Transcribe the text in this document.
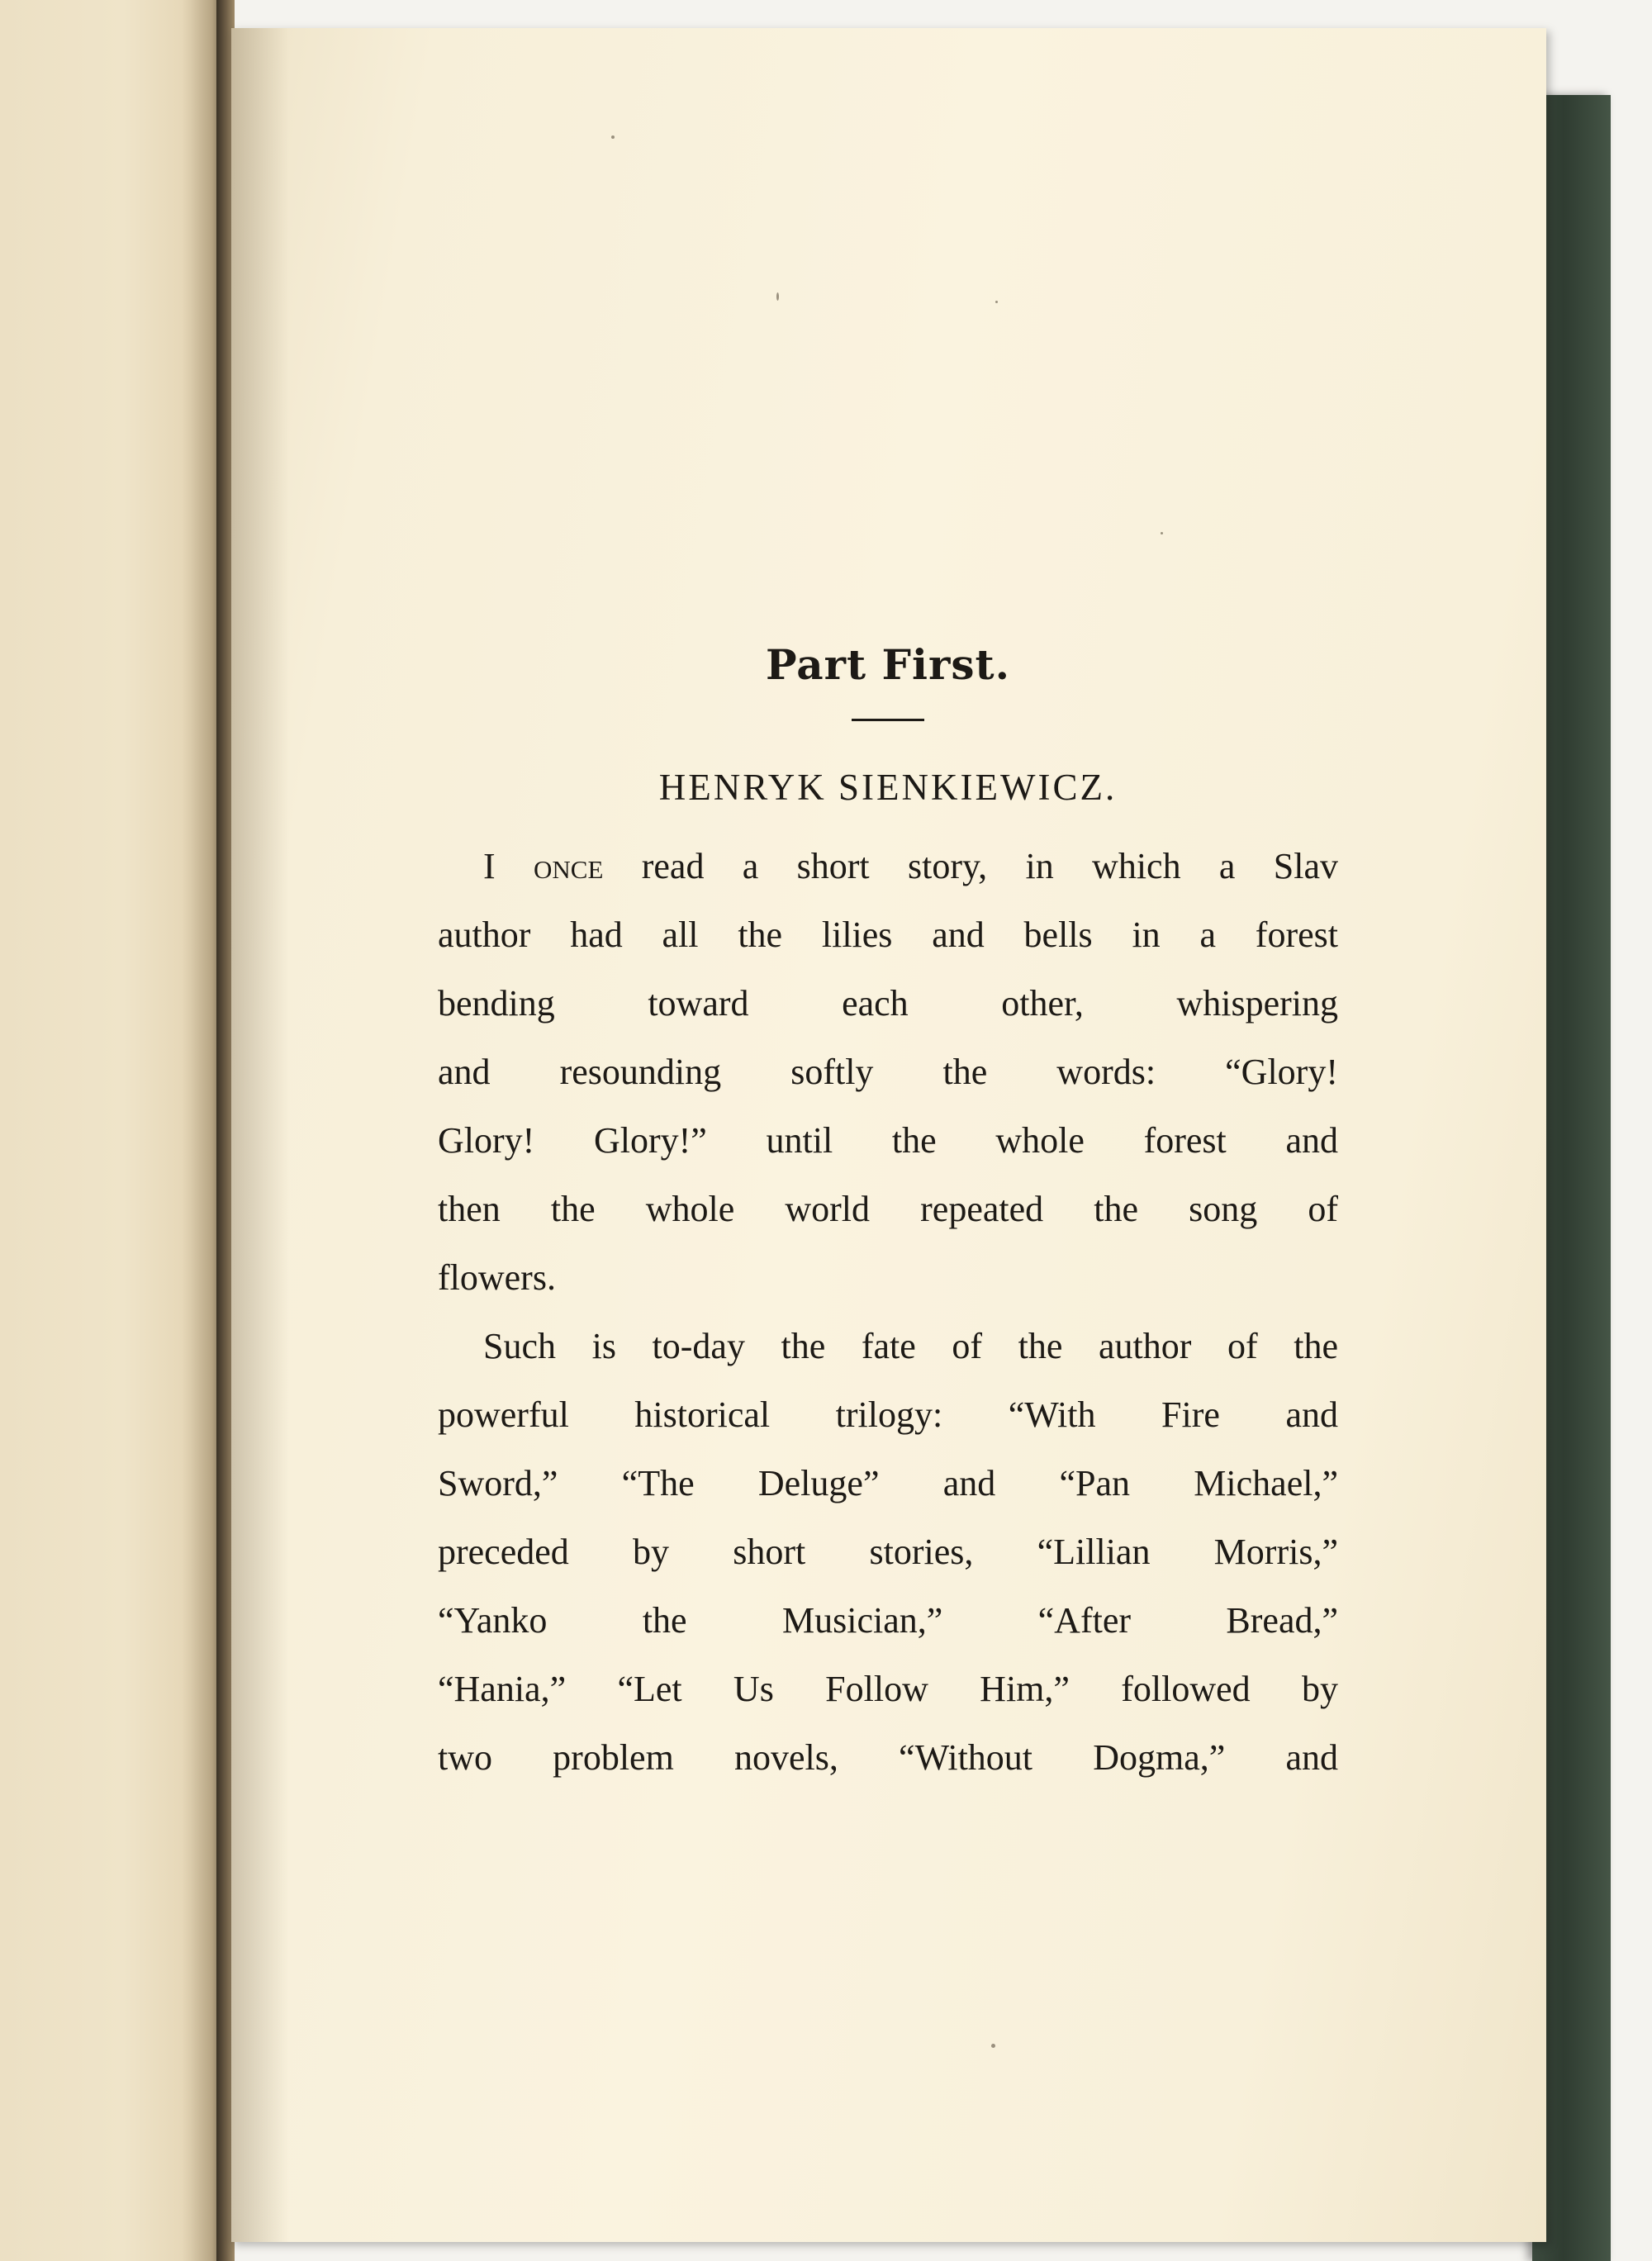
Part First.
HENRYK SIENKIEWICZ.
I once read a short story, in which a Slav
author had all the lilies and bells in a forest
bending toward each other, whispering
and resounding softly the words: “Glory!
Glory! Glory!” until the whole forest and
then the whole world repeated the song of
flowers.
Such is to-day the fate of the author of the
powerful historical trilogy: “With Fire and
Sword,” “The Deluge” and “Pan Michael,”
preceded by short stories, “Lillian Morris,”
“Yanko the Musician,” “After Bread,”
“Hania,” “Let Us Follow Him,” followed by
two problem novels, “Without Dogma,” and
